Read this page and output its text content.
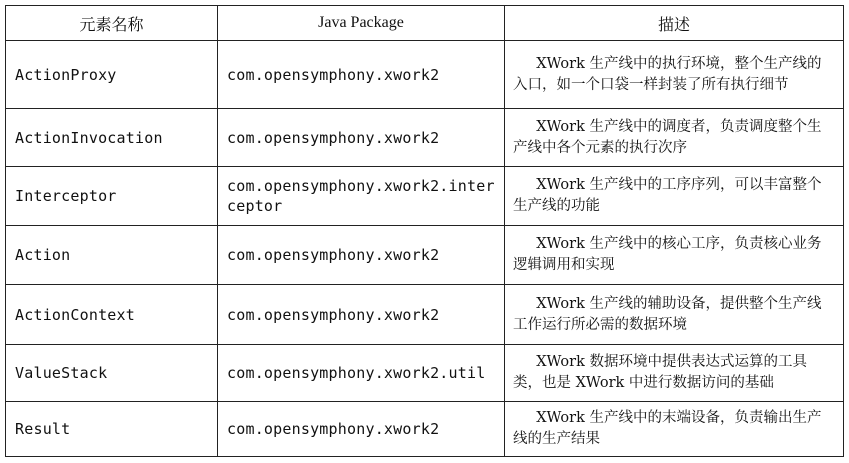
元素名称	Java Package	描述
ActionProxy	com.opensymphony.xwork2	XWork 生产线中的执行环境，整个生产线的入口，如一个口袋一样封装了所有执行细节
ActionInvocation	com.opensymphony.xwork2	XWork 生产线中的调度者，负责调度整个生产线中各个元素的执行次序
Interceptor	com.opensymphony.xwork2.interceptor	XWork 生产线中的工序序列，可以丰富整个生产线的功能
Action	com.opensymphony.xwork2	XWork 生产线中的核心工序，负责核心业务逻辑调用和实现
ActionContext	com.opensymphony.xwork2	XWork 生产线的辅助设备，提供整个生产线工作运行所必需的数据环境
ValueStack	com.opensymphony.xwork2.util	XWork 数据环境中提供表达式运算的工具类，也是 XWork 中进行数据访问的基础
Result	com.opensymphony.xwork2	XWork 生产线中的末端设备，负责输出生产线的生产结果
